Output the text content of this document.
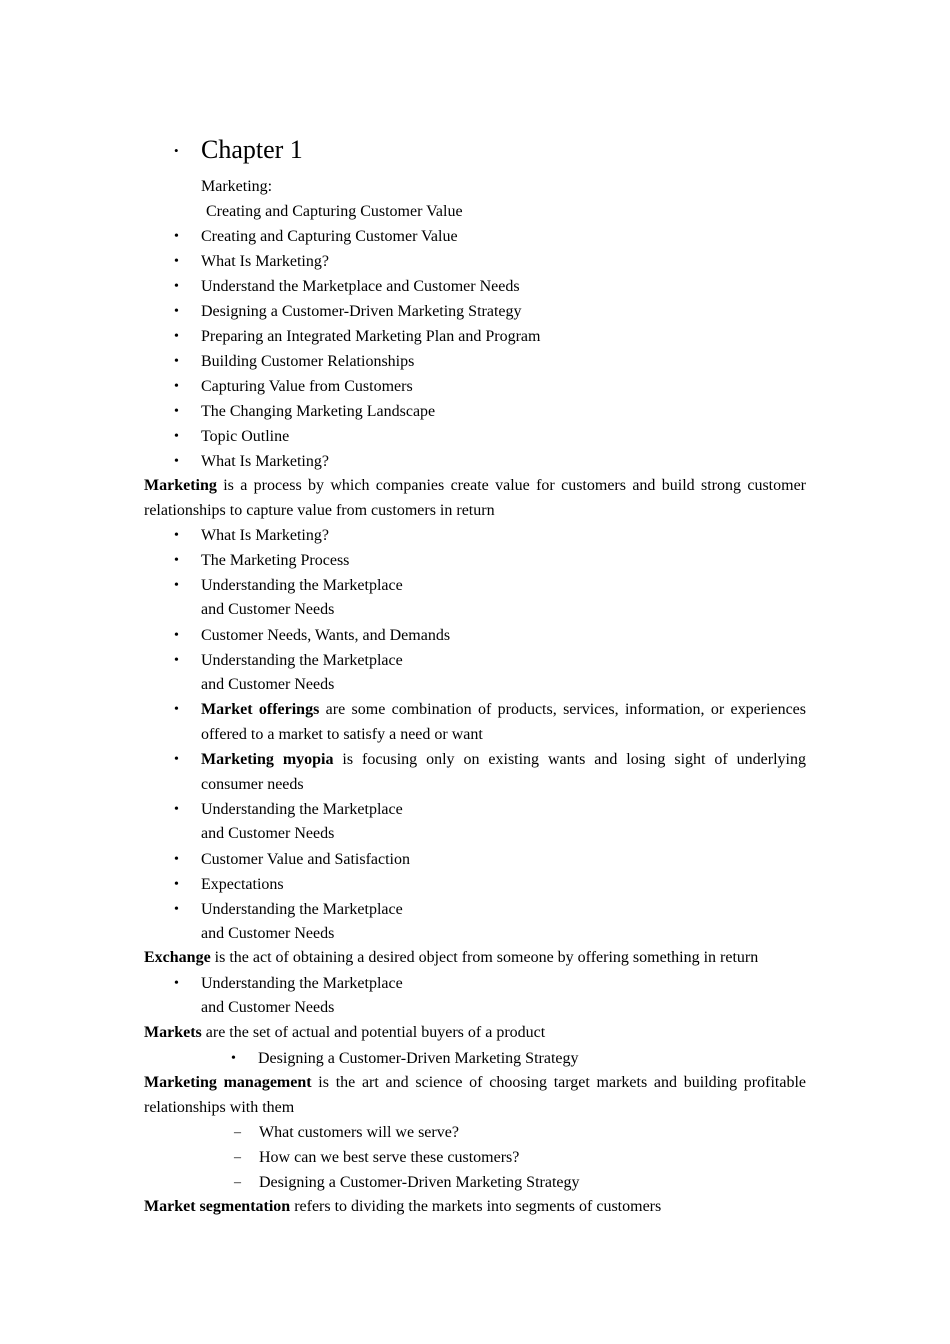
• Chapter 1
Marketing:
Creating and Capturing Customer Value
• Creating and Capturing Customer Value
• What Is Marketing?
• Understand the Marketplace and Customer Needs
• Designing a Customer-Driven Marketing Strategy
• Preparing an Integrated Marketing Plan and Program
• Building Customer Relationships
• Capturing Value from Customers
• The Changing Marketing Landscape
• Topic Outline
• What Is Marketing?
Marketing is a process by which companies create value for customers and build strong customer relationships to capture value from customers in return
• What Is Marketing?
• The Marketing Process
• Understanding the Marketplace
and Customer Needs
• Customer Needs, Wants, and Demands
• Understanding the Marketplace
and Customer Needs
• Market offerings are some combination of products, services, information, or experiences offered to a market to satisfy a need or want
• Marketing myopia is focusing only on existing wants and losing sight of underlying consumer needs
• Understanding the Marketplace
and Customer Needs
• Customer Value and Satisfaction
• Expectations
• Understanding the Marketplace
and Customer Needs
Exchange is the act of obtaining a desired object from someone by offering something in return
• Understanding the Marketplace
and Customer Needs
Markets are the set of actual and potential buyers of a product
• Designing a Customer-Driven Marketing Strategy
Marketing management is the art and science of choosing target markets and building profitable relationships with them
– What customers will we serve?
– How can we best serve these customers?
– Designing a Customer-Driven Marketing Strategy
Market segmentation refers to dividing the markets into segments of customers
